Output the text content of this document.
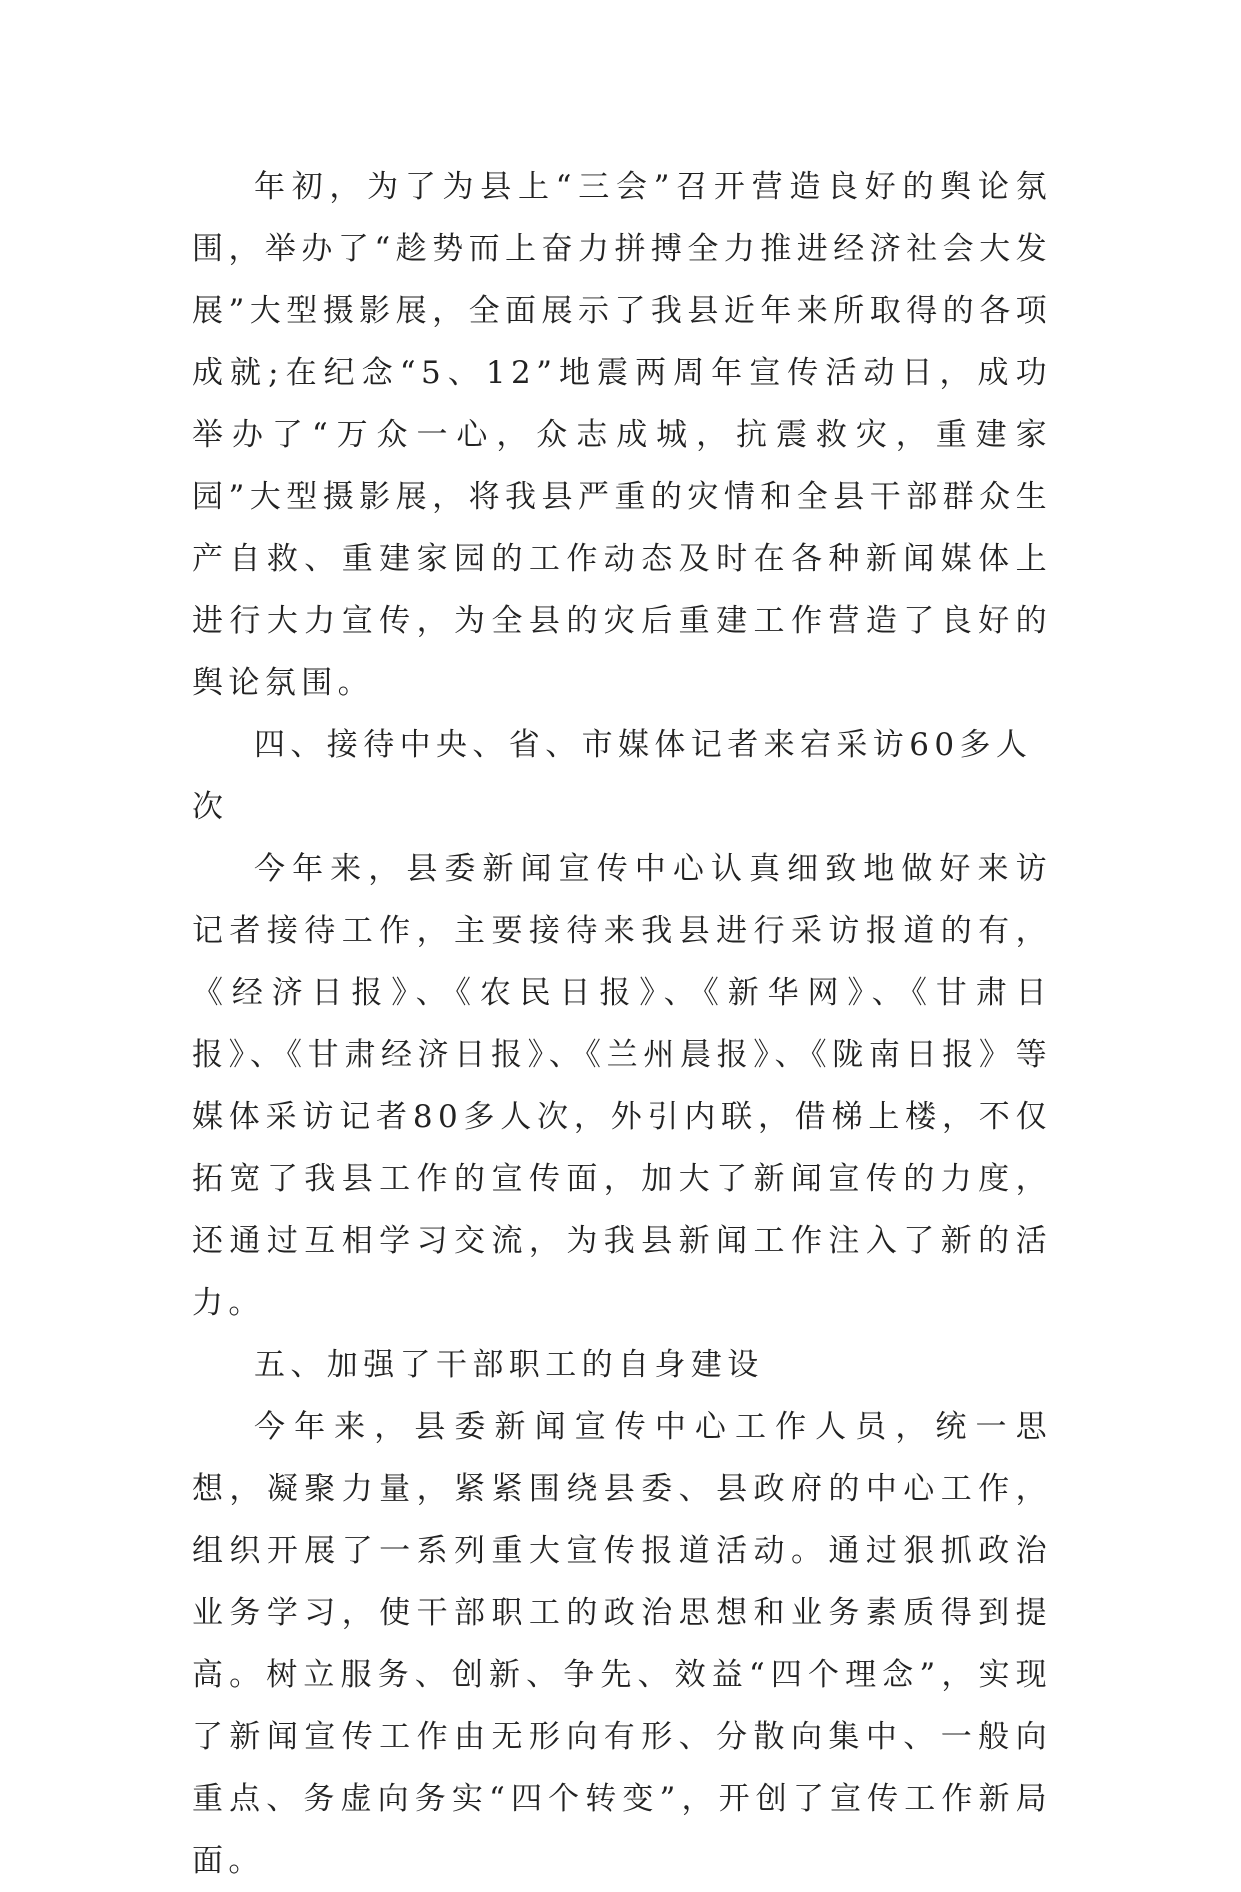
年初，为了为县上“三会”召开营造良好的舆论氛围，举办了“趁势而上奋力拼搏全力推进经济社会大发展”大型摄影展，全面展示了我县近年来所取得的各项成就;在纪念“5、12”地震两周年宣传活动日，成功举办了“万众一心，众志成城，抗震救灾，重建家园”大型摄影展，将我县严重的灾情和全县干部群众生产自救、重建家园的工作动态及时在各种新闻媒体上进行大力宣传，为全县的灾后重建工作营造了良好的舆论氛围。

四、接待中央、省、市媒体记者来宕采访60多人次

今年来，县委新闻宣传中心认真细致地做好来访记者接待工作，主要接待来我县进行采访报道的有，《经济日报》、《农民日报》、《新华网》、《甘肃日报》、《甘肃经济日报》、《兰州晨报》、《陇南日报》等媒体采访记者80多人次，外引内联，借梯上楼，不仅拓宽了我县工作的宣传面，加大了新闻宣传的力度，还通过互相学习交流，为我县新闻工作注入了新的活力。

五、加强了干部职工的自身建设

今年来，县委新闻宣传中心工作人员，统一思想，凝聚力量，紧紧围绕县委、县政府的中心工作，组织开展了一系列重大宣传报道活动。通过狠抓政治业务学习，使干部职工的政治思想和业务素质得到提高。树立服务、创新、争先、效益“四个理念”，实现了新闻宣传工作由无形向有形、分散向集中、一般向重点、务虚向务实“四个转变”，开创了宣传工作新局面。
